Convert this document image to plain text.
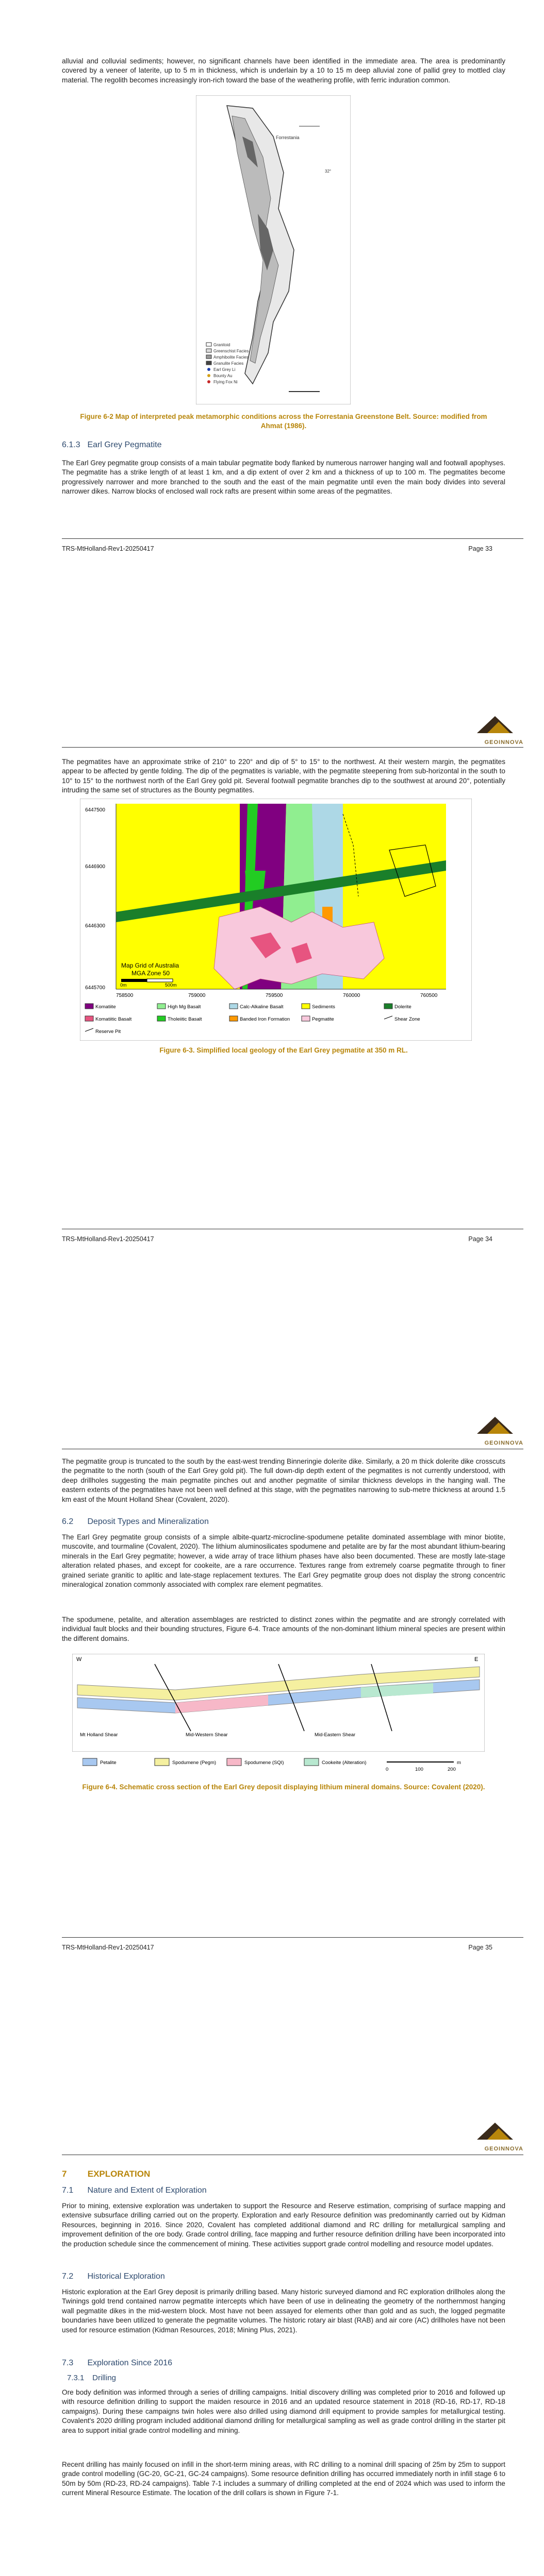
alluvial and colluvial sediments; however, no significant channels have been identified in the immediate area. The area is predominantly covered by a veneer of laterite, up to 5 m in thickness, which is underlain by a 10 to 15 m deep alluvial zone of pallid grey to mottled clay material. The regolith becomes increasingly iron-rich toward the base of the weathering profile, with ferric induration common.

Forrestania
32°
Granitoid
Greenschist Facies
Amphibolite Facies
Granulite Facies
Earl Grey Li
Bounty Au
Flying Fox Ni

Figure 6-2 Map of interpreted peak metamorphic conditions across the Forrestania Greenstone Belt. Source: modified from Ahmat (1986).

6.1.3 Earl Grey Pegmatite

The Earl Grey pegmatite group consists of a main tabular pegmatite body flanked by numerous narrower hanging wall and footwall apophyses. The pegmatite has a strike length of at least 1 km, and a dip extent of over 2 km and a thickness of up to 100 m. The pegmatites become progressively narrower and more branched to the south and the east of the main pegmatite until even the main body divides into several narrower dikes. Narrow blocks of enclosed wall rock rafts are present within some areas of the pegmatites.

TRS-MtHolland-Rev1-20250417	Page 33
GEOINNOVA

The pegmatites have an approximate strike of 210° to 220° and dip of 5° to 15° to the northwest. At their western margin, the pegmatites appear to be affected by gentle folding. The dip of the pegmatites is variable, with the pegmatite steepening from sub-horizontal in the south to 10° to 15° to the northwest north of the Earl Grey gold pit. Several footwall pegmatite branches dip to the southwest at around 20°, potentially intruding the same set of structures as the Bounty pegmatites.

Map Grid of Australia
MGA Zone 50
0m	500m
6447500
6446900
6446300
6445700
758500	759000	759500	760000	760500
Komatiite	High Mg Basalt	Calc-Alkaline Basalt	Sediments	Dolerite
Komatiitic Basalt	Tholeiitic Basalt	Banded Iron Formation	Pegmatite	Shear Zone
Reserve Pit

Figure 6-3. Simplified local geology of the Earl Grey pegmatite at 350 m RL.

TRS-MtHolland-Rev1-20250417	Page 34
GEOINNOVA

The pegmatite group is truncated to the south by the east-west trending Binneringie dolerite dike. Similarly, a 20 m thick dolerite dike crosscuts the pegmatite to the north (south of the Earl Grey gold pit). The full down-dip depth extent of the pegmatites is not currently understood, with deep drillholes suggesting the main pegmatite pinches out and another pegmatite of similar thickness develops in the hanging wall. The eastern extents of the pegmatites have not been well defined at this stage, with the pegmatites narrowing to sub-metre thickness at around 1.5 km east of the Mount Holland Shear (Covalent, 2020).

6.2 Deposit Types and Mineralization

The Earl Grey pegmatite group consists of a simple albite-quartz-microcline-spodumene petalite dominated assemblage with minor biotite, muscovite, and tourmaline (Covalent, 2020). The lithium aluminosilicates spodumene and petalite are by far the most abundant lithium-bearing minerals in the Earl Grey pegmatite; however, a wide array of trace lithium phases have also been documented. These are mostly late-stage alteration related phases, and except for cookeite, are a rare occurrence. Textures range from extremely coarse pegmatite through to finer grained seriate granitic to aplitic and late-stage replacement textures. The Earl Grey pegmatite group does not display the strong concentric mineralogical zonation commonly associated with complex rare element pegmatites.

The spodumene, petalite, and alteration assemblages are restricted to distinct zones within the pegmatite and are strongly correlated with individual fault blocks and their bounding structures, Figure 6-4. Trace amounts of the non-dominant lithium mineral species are present within the different domains.

W	E
Mt Holland Shear	Mid-Western Shear	Mid-Eastern Shear
Petalite	Spodumene (Pegm)	Spodumene (SQI)	Cookeite (Alteration)
0	100	200
m

Figure 6-4. Schematic cross section of the Earl Grey deposit displaying lithium mineral domains. Source: Covalent (2020).

TRS-MtHolland-Rev1-20250417	Page 35
GEOINNOVA
7 EXPLORATION
7.1 Nature and Extent of Exploration

Prior to mining, extensive exploration was undertaken to support the Resource and Reserve estimation, comprising of surface mapping and extensive subsurface drilling carried out on the property. Exploration and early Resource definition was predominantly carried out by Kidman Resources, beginning in 2016. Since 2020, Covalent has completed additional diamond and RC drilling for metallurgical sampling and improvement definition of the ore body. Grade control drilling, face mapping and further resource definition drilling have been incorporated into the production schedule since the commencement of mining. These activities support grade control modelling and resource model updates.

7.2 Historical Exploration

Historic exploration at the Earl Grey deposit is primarily drilling based. Many historic surveyed diamond and RC exploration drillholes along the Twinings gold trend contained narrow pegmatite intercepts which have been of use in delineating the geometry of the northernmost hanging wall pegmatite dikes in the mid-western block. Most have not been assayed for elements other than gold and as such, the logged pegmatite boundaries have been utilized to generate the pegmatite volumes. The historic rotary air blast (RAB) and air core (AC) drillholes have not been used for resource estimation (Kidman Resources, 2018; Mining Plus, 2021).

7.3 Exploration Since 2016
7.3.1 Drilling

Ore body definition was informed through a series of drilling campaigns. Initial discovery drilling was completed prior to 2016 and followed up with resource definition drilling to support the maiden resource in 2016 and an updated resource statement in 2018 (RD-16, RD-17, RD-18 campaigns). During these campaigns twin holes were also drilled using diamond drill equipment to provide samples for metallurgical testing. Covalent's 2020 drilling program included additional diamond drilling for metallurgical sampling as well as grade control drilling in the starter pit area to support initial grade control modelling and mining.

Recent drilling has mainly focused on infill in the short-term mining areas, with RC drilling to a nominal drill spacing of 25m by 25m to support grade control modelling (GC-20, GC-21, GC-24 campaigns). Some resource definition drilling has occurred immediately north in infill stage 6 to 50m by 50m (RD-23, RD-24 campaigns). Table 7-1 includes a summary of drilling completed at the end of 2024 which was used to inform the current Mineral Resource Estimate. The location of the drill collars is shown in Figure 7-1.
